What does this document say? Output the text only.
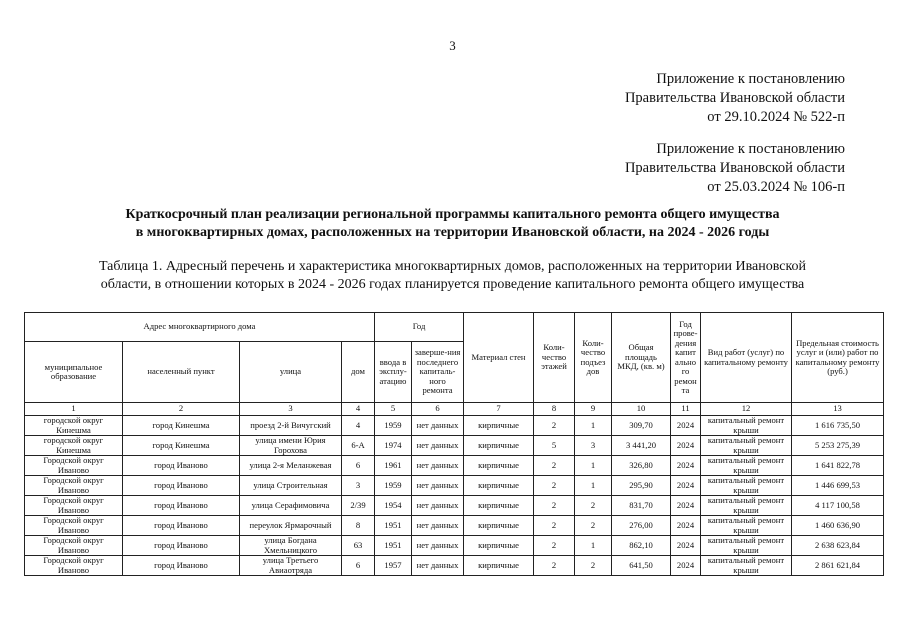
3
Приложение к постановлению
Правительства Ивановской области
от 29.10.2024 № 522-п
Приложение к постановлению
Правительства Ивановской области
от 25.03.2024 № 106-п
Краткосрочный план реализации региональной программы капитального ремонта общего имущества
в многоквартирных домах, расположенных на территории Ивановской области, на 2024 - 2026 годы
Таблица 1. Адресный перечень и характеристика многоквартирных домов, расположенных на территории Ивановской
области, в отношении которых в 2024 - 2026 годах планируется проведение капитального ремонта общего имущества
Адрес многоквартирного дома				Год		Материал стен	Коли-чество этажей	Коли-чество подъез дов	Общая площадь МКД, (кв. м)	Год прове-дения капит ально го ремон та	Вид работ (услуг) по капитальному ремонту	Предельная стоимость услуг и (или) работ по капитальному ремонту (руб.)
муниципальное образование	населенный пункт	улица	дом	ввода в эксплу-атацию	заверше-ния последнего капиталь-ного ремонта							
1	2	3	4	5	6	7	8	9	10	11	12	13
городской округ Кинешма	город Кинешма	проезд 2-й Вичугский	4	1959	нет данных	кирпичные	2	1	309,70	2024	капитальный ремонт крыши	1 616 735,50
городской округ Кинешма	город Кинешма	улица имени Юрия Горохова	6-А	1974	нет данных	кирпичные	5	3	3 441,20	2024	капитальный ремонт крыши	5 253 275,39
Городской округ Иваново	город Иваново	улица 2-я Меланжевая	6	1961	нет данных	кирпичные	2	1	326,80	2024	капитальный ремонт крыши	1 641 822,78
Городской округ Иваново	город Иваново	улица Строительная	3	1959	нет данных	кирпичные	2	1	295,90	2024	капитальный ремонт крыши	1 446 699,53
Городской округ Иваново	город Иваново	улица Серафимовича	2/39	1954	нет данных	кирпичные	2	2	831,70	2024	капитальный ремонт крыши	4 117 100,58
Городской округ Иваново	город Иваново	переулок Ярмарочный	8	1951	нет данных	кирпичные	2	2	276,00	2024	капитальный ремонт крыши	1 460 636,90
Городской округ Иваново	город Иваново	улица Богдана Хмельницкого	63	1951	нет данных	кирпичные	2	1	862,10	2024	капитальный ремонт крыши	2 638 623,84
Городской округ Иваново	город Иваново	улица Третьего Авиаотряда	6	1957	нет данных	кирпичные	2	2	641,50	2024	капитальный ремонт крыши	2 861 621,84
